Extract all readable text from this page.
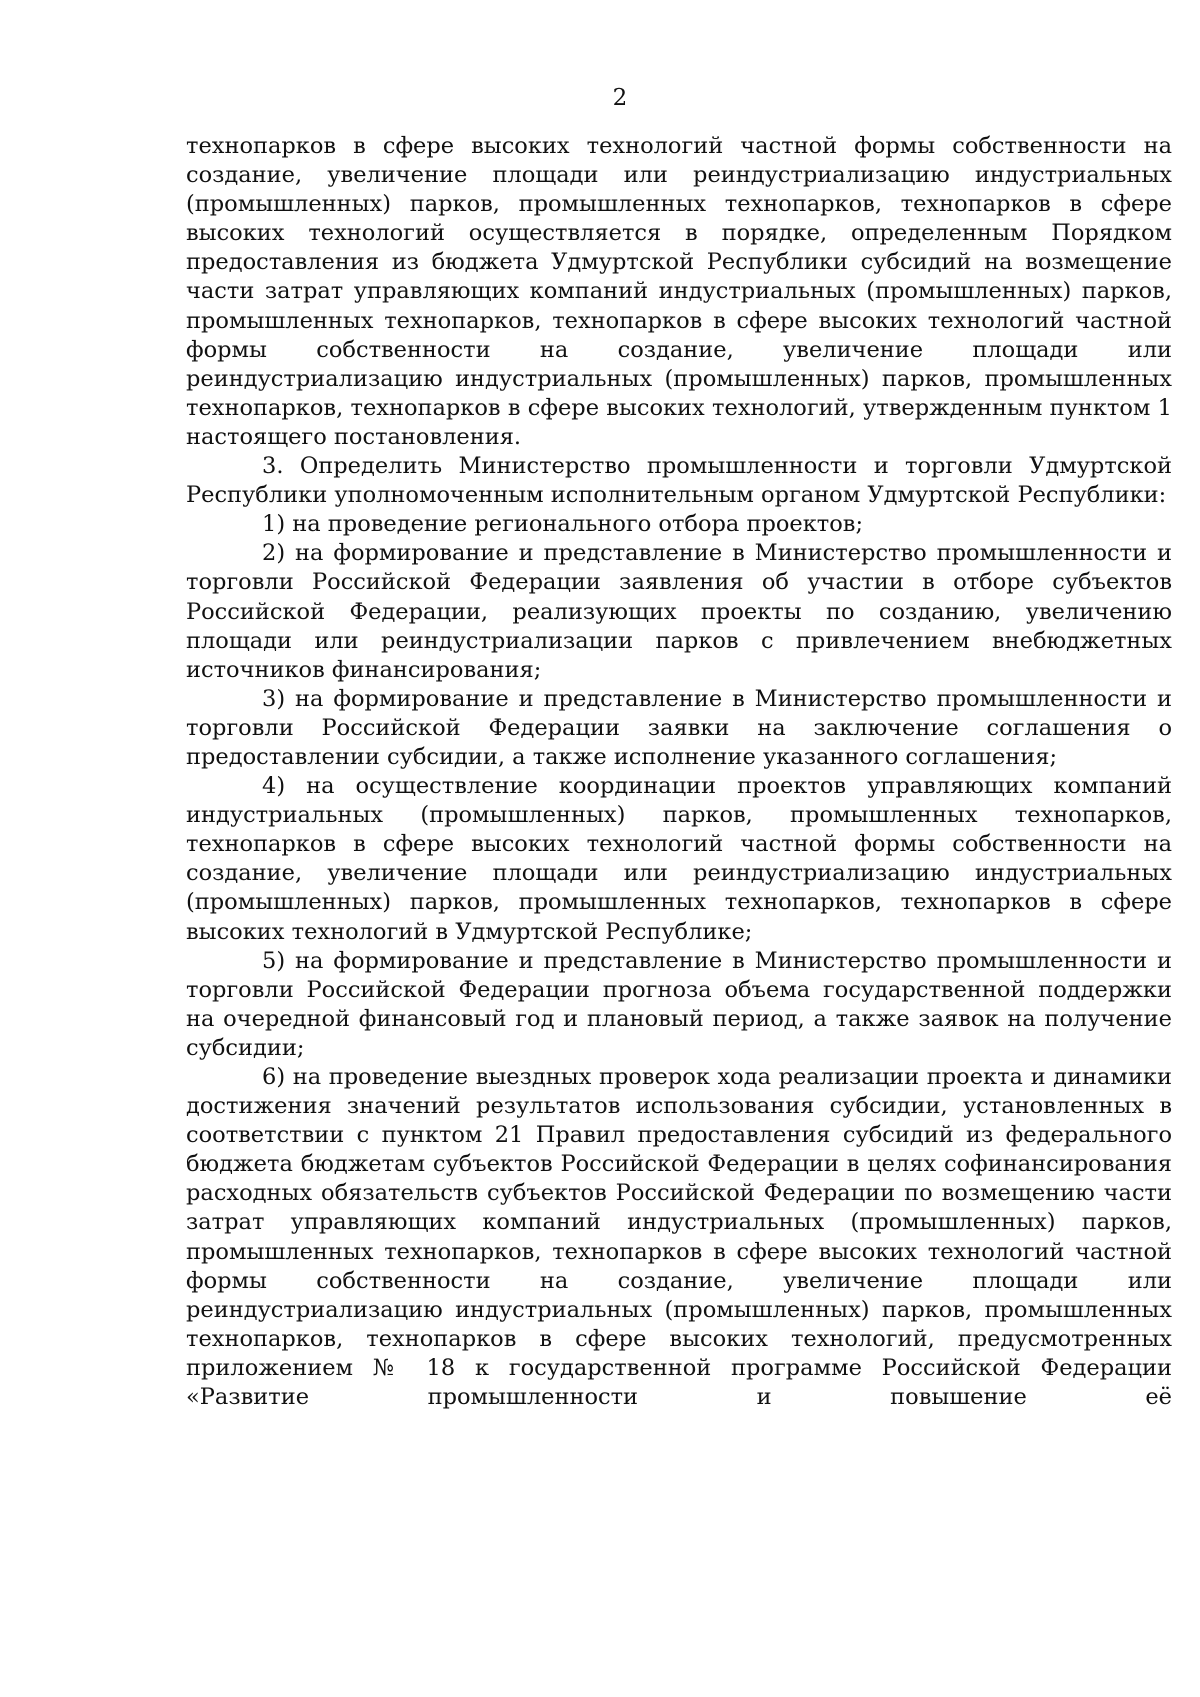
2

технопарков в сфере высоких технологий частной формы собственности на создание, увеличение площади или реиндустриализацию индустриальных (промышленных) парков, промышленных технопарков, технопарков в сфере высоких технологий осуществляется в порядке, определенным Порядком предоставления из бюджета Удмуртской Республики субсидий на возмещение части затрат управляющих компаний индустриальных (промышленных) парков, промышленных технопарков, технопарков в сфере высоких технологий частной формы собственности на создание, увеличение площади или реиндустриализацию индустриальных (промышленных) парков, промышленных технопарков, технопарков в сфере высоких технологий, утвержденным пунктом 1 настоящего постановления.

3. Определить Министерство промышленности и торговли Удмуртской Республики уполномоченным исполнительным органом Удмуртской Республики:

1) на проведение регионального отбора проектов;

2) на формирование и представление в Министерство промышленности и торговли Российской Федерации заявления об участии в отборе субъектов Российской Федерации, реализующих проекты по созданию, увеличению площади или реиндустриализации парков с привлечением внебюджетных источников финансирования;

3) на формирование и представление в Министерство промышленности и торговли Российской Федерации заявки на заключение соглашения о предоставлении субсидии, а также исполнение указанного соглашения;

4) на осуществление координации проектов управляющих компаний индустриальных (промышленных) парков, промышленных технопарков, технопарков в сфере высоких технологий частной формы собственности на создание, увеличение площади или реиндустриализацию индустриальных (промышленных) парков, промышленных технопарков, технопарков в сфере высоких технологий в Удмуртской Республике;

5) на формирование и представление в Министерство промышленности и торговли Российской Федерации прогноза объема государственной поддержки на очередной финансовый год и плановый период, а также заявок на получение субсидии;

6) на проведение выездных проверок хода реализации проекта и динамики достижения значений результатов использования субсидии, установленных в соответствии с пунктом 21 Правил предоставления субсидий из федерального бюджета бюджетам субъектов Российской Федерации в целях софинансирования расходных обязательств субъектов Российской Федерации по возмещению части затрат управляющих компаний индустриальных (промышленных) парков, промышленных технопарков, технопарков в сфере высоких технологий частной формы собственности на создание, увеличение площади или реиндустриализацию индустриальных (промышленных) парков, промышленных технопарков, технопарков в сфере высоких технологий, предусмотренных приложением № 18 к государственной программе Российской Федерации «Развитие промышленности и повышение её
